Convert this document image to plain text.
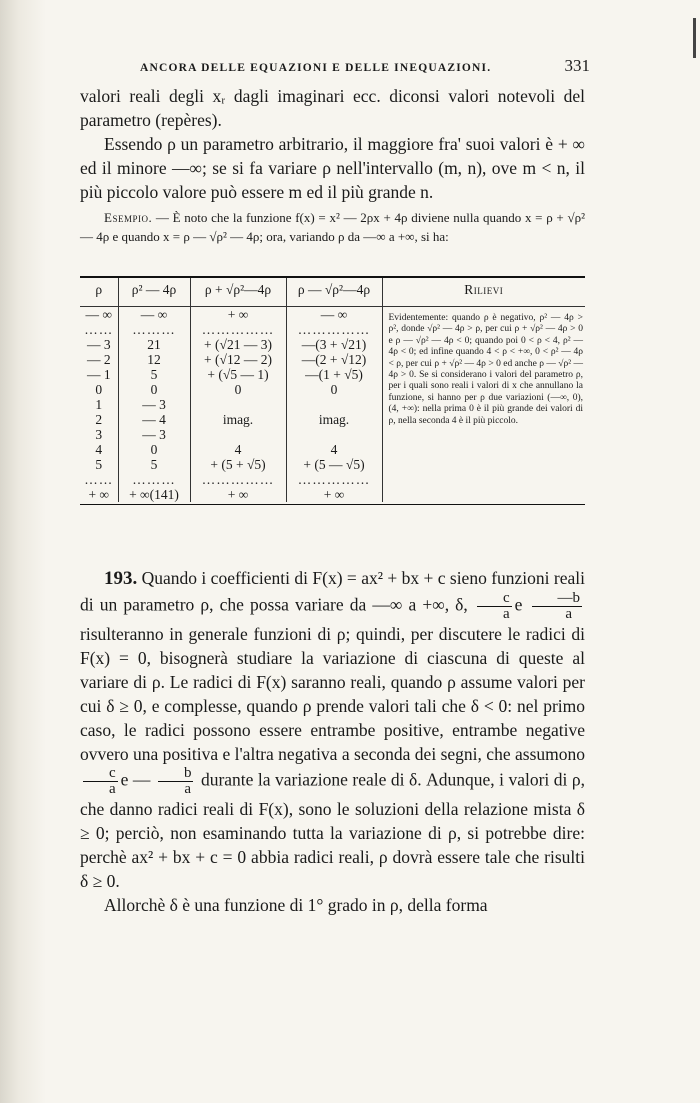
ANCORA DELLE EQUAZIONI E DELLE INEQUAZIONI.	331

valori reali degli xᵣ dagli imaginari ecc. diconsi valori notevoli del parametro (repères).

Essendo ρ un parametro arbitrario, il maggiore fra' suoi valori è + ∞ ed il minore —∞; se si fa variare ρ nell'intervallo (m, n), ove m < n, il più piccolo valore può essere m ed il più grande n.

Esempio. — È noto che la funzione f(x) = x² — 2ρx + 4ρ diviene nulla quando x = ρ + √ρ² — 4ρ e quando x = ρ — √ρ² — 4ρ; ora, variando ρ da —∞ a +∞, si ha:

ρ	ρ² — 4ρ	ρ + √ρ²—4ρ	ρ — √ρ²—4ρ	Rilievi
— ∞	— ∞	+ ∞	— ∞	Evidentemente: quando ρ è negativo, ρ² — 4ρ > ρ², donde √ρ² — 4ρ > ρ, per cui ρ + √ρ² — 4ρ > 0 e ρ — √ρ² — 4ρ < 0; quando poi 0 < ρ < 4, ρ² — 4ρ < 0; ed infine quando 4 < ρ < +∞, 0 < ρ² — 4ρ < ρ, per cui ρ + √ρ² — 4ρ > 0 ed anche ρ — √ρ² — 4ρ > 0. Se si considerano i valori del parametro ρ, per i quali sono reali i valori di x che annullano la funzione, si hanno per ρ due variazioni (—∞, 0), (4, +∞): nella prima 0 è il più grande dei valori di ρ, nella seconda 4 è il più piccolo.
……	………	……………	……………	
— 3	21	+ (√21 — 3)	—(3 + √21)	
— 2	12	+ (√12 — 2)	—(2 + √12)	
— 1	5	+ (√5 — 1)	—(1 + √5)	
0	0	0	0	
1	— 3			
2	— 4	imag.	imag.	
3	— 3			
4	0	4	4	
5	5	+ (5 + √5)	+ (5 — √5)	
……	………	……………	……………	
+ ∞	+ ∞(141)	+ ∞	+ ∞	

193. Quando i coefficienti di F(x) = ax² + bx + c sieno funzioni reali di un parametro ρ, che possa variare da —∞ a +∞, δ, $\frac{c}{a}$ e $\frac{—b}{a}$
risulteranno in generale funzioni di ρ; quindi, per discutere le radici di F(x) = 0, bisognerà studiare la variazione di ciascuna di queste al variare di ρ. Le radici di F(x) saranno reali, quando ρ assume valori per cui δ ≥ 0, e complesse, quando ρ prende valori tali che δ < 0: nel primo caso, le radici possono essere entrambe positive, entrambe negative ovvero una positiva e l'altra negativa a seconda dei segni, che assumono
$\frac{c}{a}$ e — $\frac{b}{a}$ durante la variazione reale di δ. Adunque, i valori di ρ, che danno radici reali di F(x), sono le soluzioni della relazione mista δ ≥ 0; perciò, non esaminando tutta la variazione di ρ, si potrebbe dire: perchè ax² + bx + c = 0 abbia radici reali, ρ dovrà essere tale che risulti δ ≥ 0.

Allorchè δ è una funzione di 1° grado in ρ, della forma
